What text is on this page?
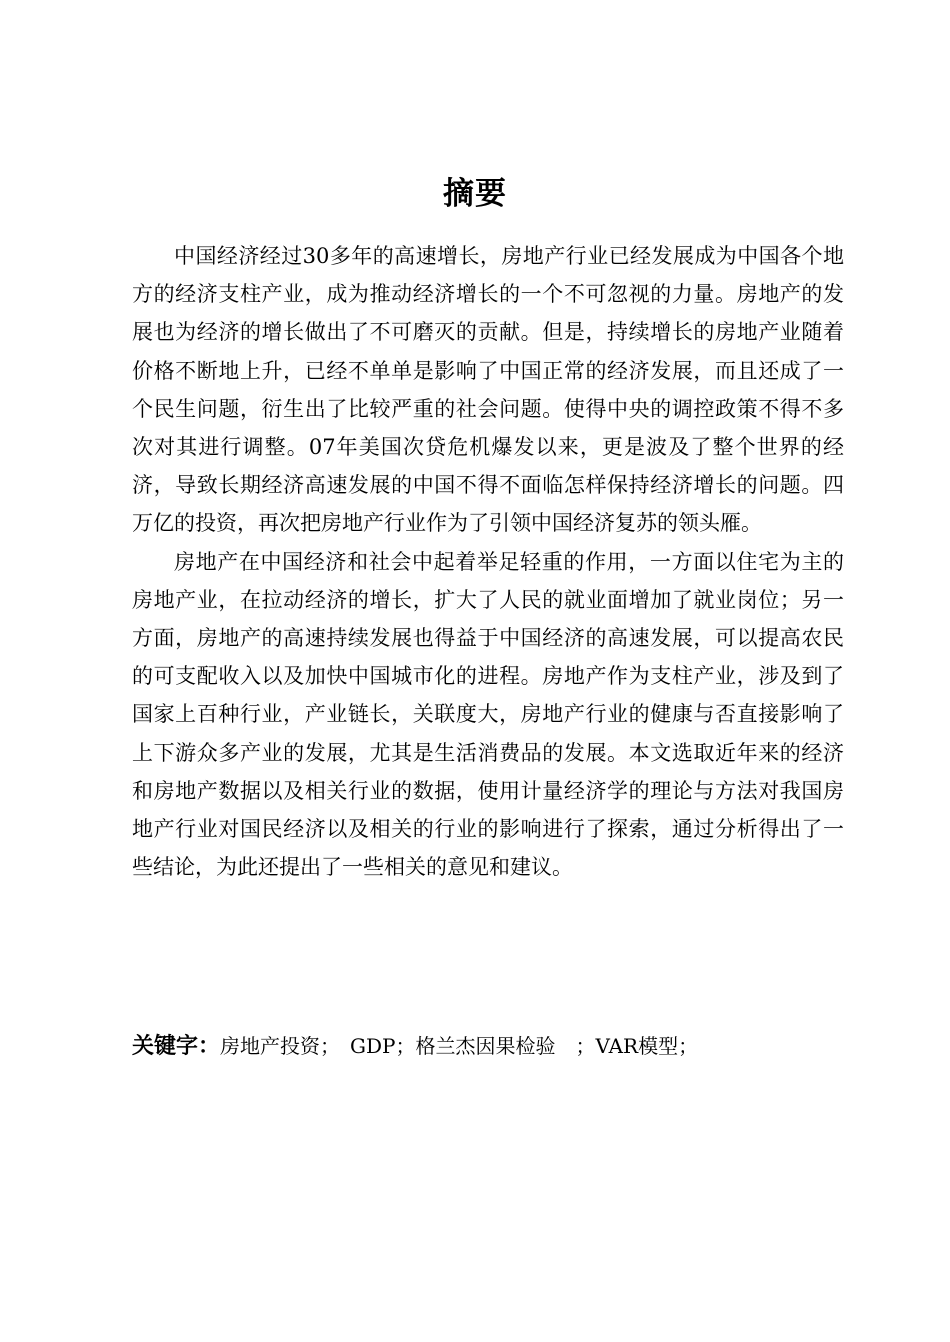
摘要

中国经济经过30多年的高速增长，房地产行业已经发展成为中国各个地方的经济支柱产业，成为推动经济增长的一个不可忽视的力量。房地产的发展也为经济的增长做出了不可磨灭的贡献。但是，持续增长的房地产业随着价格不断地上升，已经不单单是影响了中国正常的经济发展，而且还成了一个民生问题，衍生出了比较严重的社会问题。使得中央的调控政策不得不多次对其进行调整。07年美国次贷危机爆发以来，更是波及了整个世界的经济，导致长期经济高速发展的中国不得不面临怎样保持经济增长的问题。四万亿的投资，再次把房地产行业作为了引领中国经济复苏的领头雁。

房地产在中国经济和社会中起着举足轻重的作用，一方面以住宅为主的房地产业，在拉动经济的增长，扩大了人民的就业面增加了就业岗位；另一方面，房地产的高速持续发展也得益于中国经济的高速发展，可以提高农民的可支配收入以及加快中国城市化的进程。房地产作为支柱产业，涉及到了国家上百种行业，产业链长，关联度大，房地产行业的健康与否直接影响了上下游众多产业的发展，尤其是生活消费品的发展。本文选取近年来的经济和房地产数据以及相关行业的数据，使用计量经济学的理论与方法对我国房地产行业对国民经济以及相关的行业的影响进行了探索，通过分析得出了一些结论，为此还提出了一些相关的意见和建议。

关键字：房地产投资；　GDP；格兰杰因果检验　；VAR模型；
